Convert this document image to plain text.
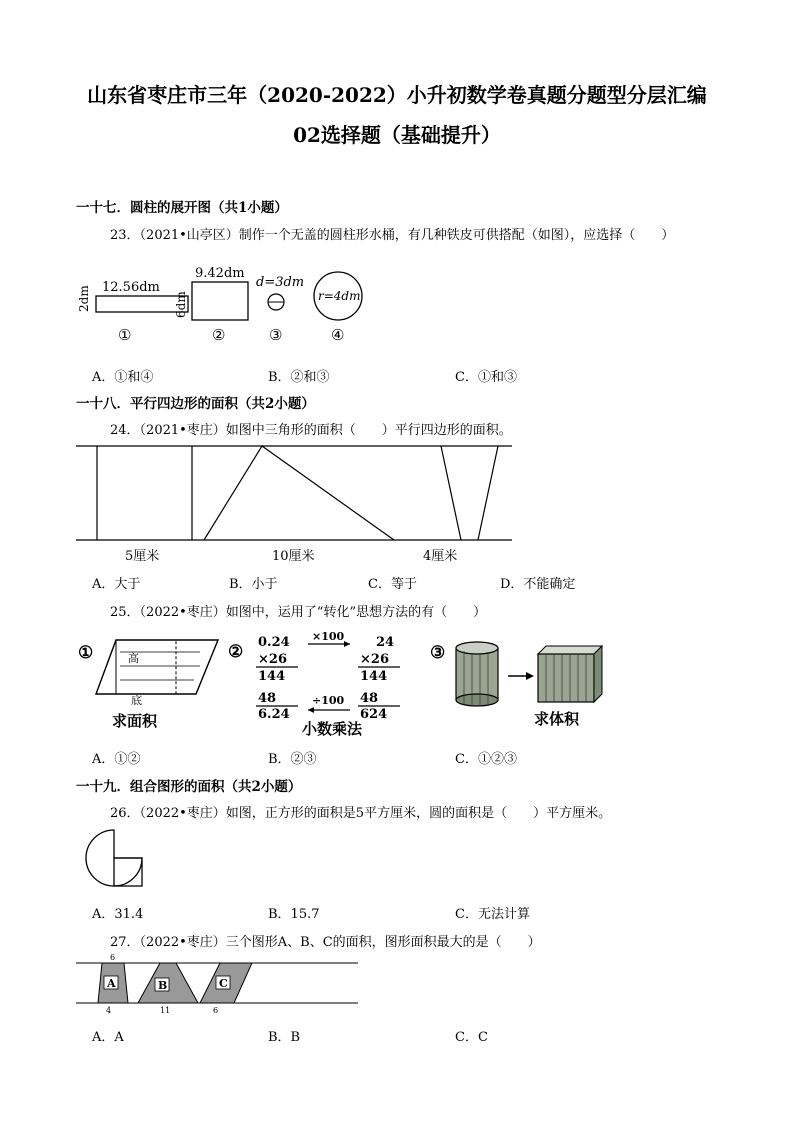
山东省枣庄市三年（2020-2022）小升初数学卷真题分题型分层汇编
02选择题（基础提升）
一十七．圆柱的展开图（共1小题）
23．（2021•山亭区）制作一个无盖的圆柱形水桶，有几种铁皮可供搭配（如图），应选择（　　）
12.56dm
2dm
①
9.42dm
6dm
②
d=3dm
③
r=4dm
④
A．①和④	B．②和③	C．①和③
一十八．平行四边形的面积（共2小题）
24．（2021•枣庄）如图中三角形的面积（　　）平行四边形的面积。
5厘米	10厘米	4厘米
A．大于	B．小于	C．等于	D．不能确定
25．（2022•枣庄）如图中，运用了“转化”思想方法的有（　　）
①	高
底
求面积
② 0.24
×26
144
48
6.24
24
×26
144
48
624
×100
÷100
小数乘法
③
求体积
A．①②	B．②③	C．①②③
一十九．组合图形的面积（共2小题）
26．（2022•枣庄）如图，正方形的面积是5平方厘米，圆的面积是（　　）平方厘米。
A．31.4	B．15.7	C．无法计算
27．（2022•枣庄）三个图形A、B、C的面积，图形面积最大的是（　　）
6
A	B	C
4	11	6
A．A	B．B	C．C
